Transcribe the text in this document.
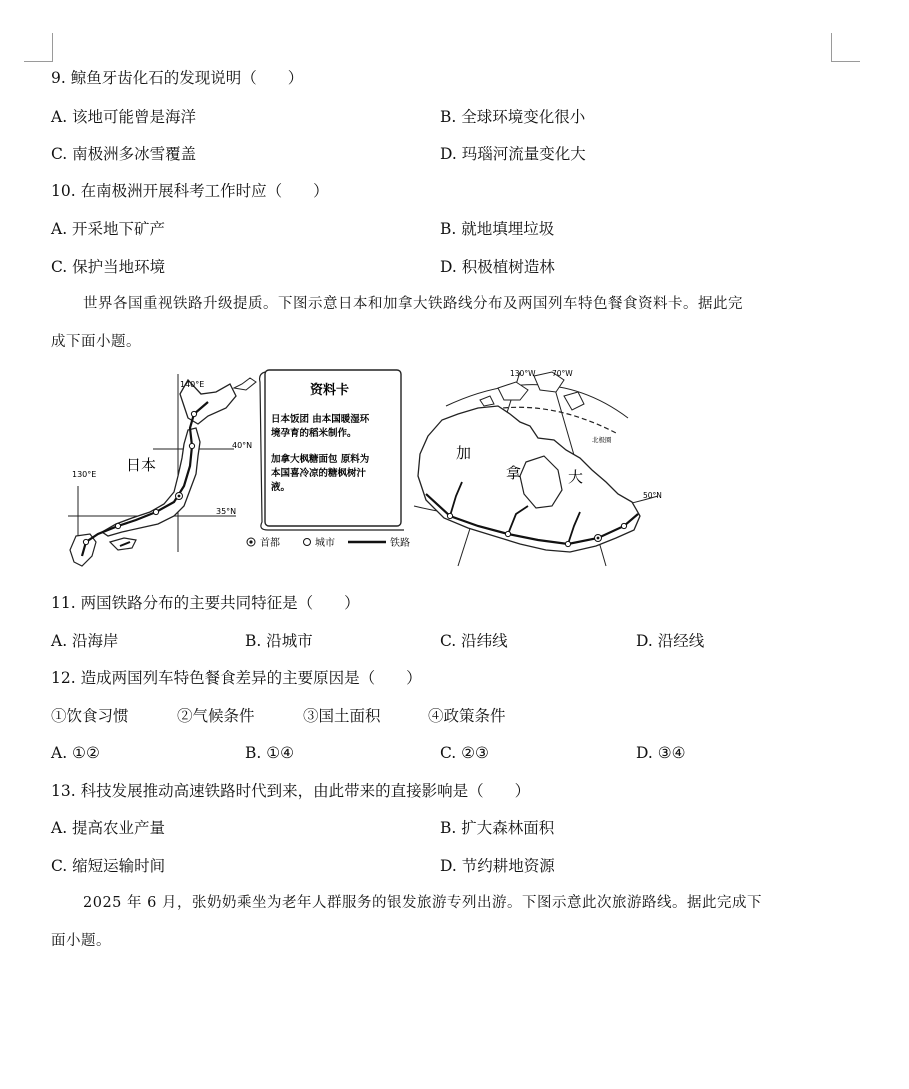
9. 鲸鱼牙齿化石的发现说明（　　）
A. 该地可能曾是海洋	B. 全球环境变化很小
C. 南极洲多冰雪覆盖	D. 玛瑙河流量变化大
10. 在南极洲开展科考工作时应（　　）
A. 开采地下矿产	B. 就地填埋垃圾
C. 保护当地环境	D. 积极植树造林
世界各国重视铁路升级提质。下图示意日本和加拿大铁路线分布及两国列车特色餐食资料卡。据此完
成下面小题。
140°E
130°E
40°N
35°N
日本
资料卡
日本饭团 由本国暖湿环
境孕育的稻米制作。
加拿大枫糖面包 原料为
本国喜冷凉的糖枫树汁
液。
首都	城市	铁路
130°W 70°W
北极圈
50°N
加
拿	大
11. 两国铁路分布的主要共同特征是（　　）
A. 沿海岸	B. 沿城市	C. 沿纬线	D. 沿经线
12. 造成两国列车特色餐食差异的主要原因是（　　）
①饮食习惯	②气候条件	③国土面积	④政策条件
A. ①②	B. ①④	C. ②③	D. ③④
13. 科技发展推动高速铁路时代到来，由此带来的直接影响是（　　）
A. 提高农业产量	B. 扩大森林面积
C. 缩短运输时间	D. 节约耕地资源
2025 年 6 月，张奶奶乘坐为老年人群服务的银发旅游专列出游。下图示意此次旅游路线。据此完成下
面小题。
